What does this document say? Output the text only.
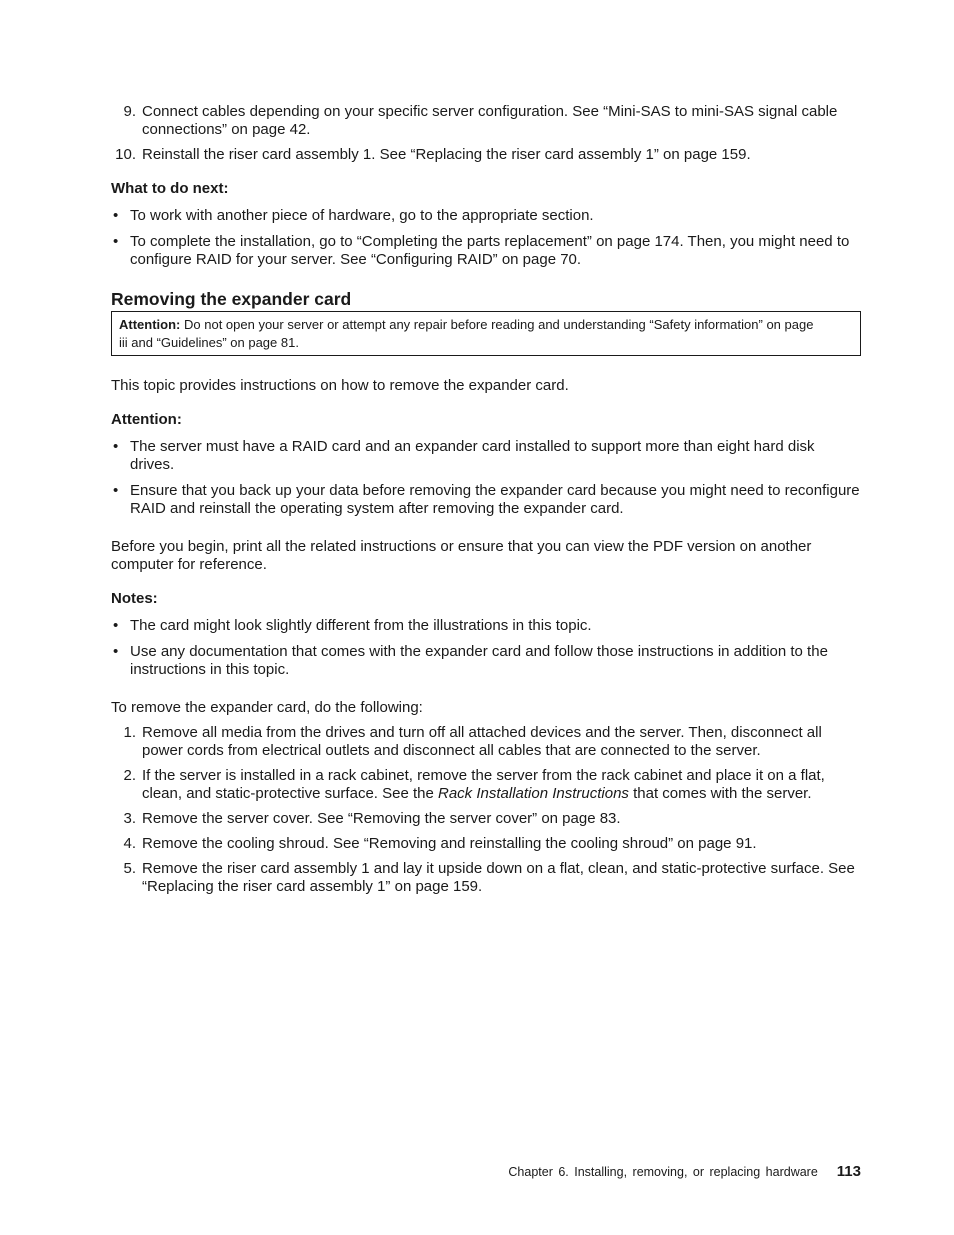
9. Connect cables depending on your specific server configuration. See “Mini-SAS to mini-SAS signal cable connections” on page 42.
10. Reinstall the riser card assembly 1. See “Replacing the riser card assembly 1” on page 159.
What to do next:
• To work with another piece of hardware, go to the appropriate section.
• To complete the installation, go to “Completing the parts replacement” on page 174. Then, you might need to configure RAID for your server. See “Configuring RAID” on page 70.
Removing the expander card
Attention: Do not open your server or attempt any repair before reading and understanding “Safety information” on page iii and “Guidelines” on page 81.

This topic provides instructions on how to remove the expander card.

Attention:
• The server must have a RAID card and an expander card installed to support more than eight hard disk drives.
• Ensure that you back up your data before removing the expander card because you might need to reconfigure RAID and reinstall the operating system after removing the expander card.

Before you begin, print all the related instructions or ensure that you can view the PDF version on another computer for reference.

Notes:
• The card might look slightly different from the illustrations in this topic.
• Use any documentation that comes with the expander card and follow those instructions in addition to the instructions in this topic.

To remove the expander card, do the following:

1. Remove all media from the drives and turn off all attached devices and the server. Then, disconnect all power cords from electrical outlets and disconnect all cables that are connected to the server.
2. If the server is installed in a rack cabinet, remove the server from the rack cabinet and place it on a flat, clean, and static-protective surface. See the Rack Installation Instructions that comes with the server.
3. Remove the server cover. See “Removing the server cover” on page 83.
4. Remove the cooling shroud. See “Removing and reinstalling the cooling shroud” on page 91.
5. Remove the riser card assembly 1 and lay it upside down on a flat, clean, and static-protective surface. See “Replacing the riser card assembly 1” on page 159.
Chapter 6. Installing, removing, or replacing hardware 113
